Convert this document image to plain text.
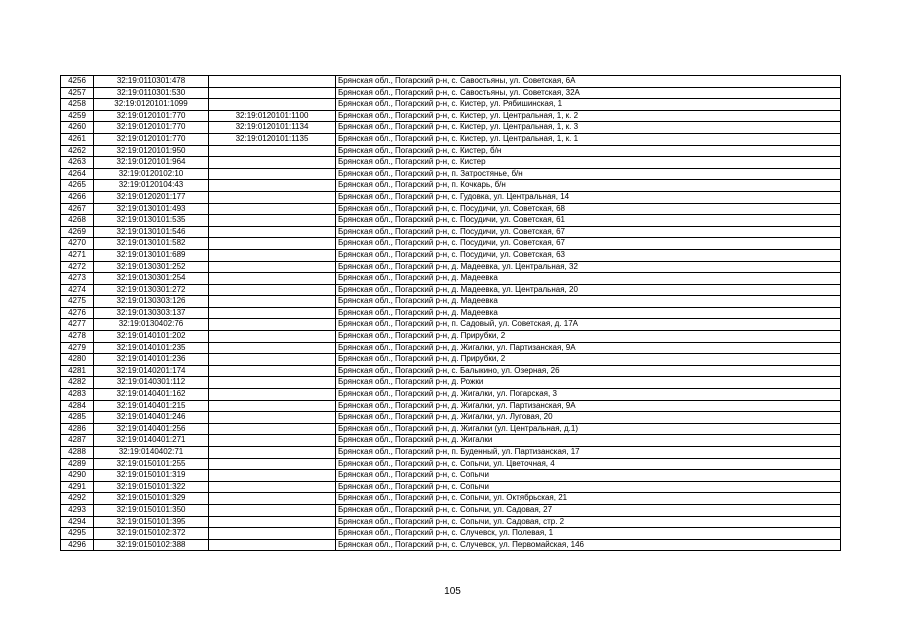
4256	32:19:0110301:478		Брянская обл., Погарский р-н, с. Савостьяны, ул. Советская, 6А
4257	32:19:0110301:530		Брянская обл., Погарский р-н, с. Савостьяны, ул. Советская, 32А
4258	32:19:0120101:1099		Брянская обл., Погарский р-н, с. Кистер, ул. Рябишинская, 1
4259	32:19:0120101:770	32:19:0120101:1100	Брянская обл., Погарский р-н, с. Кистер, ул. Центральная, 1, к. 2
4260	32:19:0120101:770	32:19:0120101:1134	Брянская обл., Погарский р-н, с. Кистер, ул. Центральная, 1, к. 3
4261	32:19:0120101:770	32:19:0120101:1135	Брянская обл., Погарский р-н, с. Кистер, ул. Центральная, 1, к. 1
4262	32:19:0120101:950		Брянская обл., Погарский р-н, с. Кистер, б/н
4263	32:19:0120101:964		Брянская обл., Погарский р-н, с. Кистер
4264	32:19:0120102:10		Брянская обл., Погарский р-н, п. Затростянье, б/н
4265	32:19:0120104:43		Брянская обл., Погарский р-н, п. Кочкарь, б/н
4266	32:19:0120201:177		Брянская обл., Погарский р-н, с. Гудовка, ул. Центральная, 14
4267	32:19:0130101:493		Брянская обл., Погарский р-н, с. Посудичи, ул. Советская, 68
4268	32:19:0130101:535		Брянская обл., Погарский р-н, с. Посудичи, ул. Советская, 61
4269	32:19:0130101:546		Брянская обл., Погарский р-н, с. Посудичи, ул. Советская, 67
4270	32:19:0130101:582		Брянская обл., Погарский р-н, с. Посудичи, ул. Советская, 67
4271	32:19:0130101:689		Брянская обл., Погарский р-н, с. Посудичи, ул. Советская, 63
4272	32:19:0130301:252		Брянская обл., Погарский р-н, д. Мадеевка, ул. Центральная, 32
4273	32:19:0130301:254		Брянская обл., Погарский р-н, д. Мадеевка
4274	32:19:0130301:272		Брянская обл., Погарский р-н, д. Мадеевка, ул. Центральная, 20
4275	32:19:0130303:126		Брянская обл., Погарский р-н, д. Мадеевка
4276	32:19:0130303:137		Брянская обл., Погарский р-н, д. Мадеевка
4277	32:19:0130402:76		Брянская обл., Погарский р-н, п. Садовый, ул. Советская, д. 17А
4278	32:19:0140101:202		Брянская обл., Погарский р-н, д. Прирубки, 2
4279	32:19:0140101:235		Брянская обл., Погарский р-н, д. Жигалки, ул. Партизанская, 9А
4280	32:19:0140101:236		Брянская обл., Погарский р-н, д. Прирубки, 2
4281	32:19:0140201:174		Брянская обл., Погарский р-н, с. Балыкино, ул. Озерная, 26
4282	32:19:0140301:112		Брянская обл., Погарский р-н, д. Рожки
4283	32:19:0140401:162		Брянская обл., Погарский р-н, д. Жигалки, ул. Погарская, 3
4284	32:19:0140401:215		Брянская обл., Погарский р-н, д. Жигалки, ул. Партизанская, 9А
4285	32:19:0140401:246		Брянская обл., Погарский р-н, д. Жигалки, ул. Луговая, 20
4286	32:19:0140401:256		Брянская обл., Погарский р-н, д. Жигалки (ул. Центральная, д.1)
4287	32:19:0140401:271		Брянская обл., Погарский р-н, д. Жигалки
4288	32:19:0140402:71		Брянская обл., Погарский р-н, п. Буденный, ул. Партизанская, 17
4289	32:19:0150101:255		Брянская обл., Погарский р-н, с. Сопычи, ул. Цветочная, 4
4290	32:19:0150101:319		Брянская обл., Погарский р-н, с. Сопычи
4291	32:19:0150101:322		Брянская обл., Погарский р-н, с. Сопычи
4292	32:19:0150101:329		Брянская обл., Погарский р-н, с. Сопычи, ул. Октябрьская, 21
4293	32:19:0150101:350		Брянская обл., Погарский р-н, с. Сопычи, ул. Садовая, 27
4294	32:19:0150101:395		Брянская обл., Погарский р-н, с. Сопычи, ул. Садовая, стр. 2
4295	32:19:0150102:372		Брянская обл., Погарский р-н, с. Случевск, ул. Полевая, 1
4296	32:19:0150102:388		Брянская обл., Погарский р-н, с. Случевск, ул. Первомайская, 146
105
